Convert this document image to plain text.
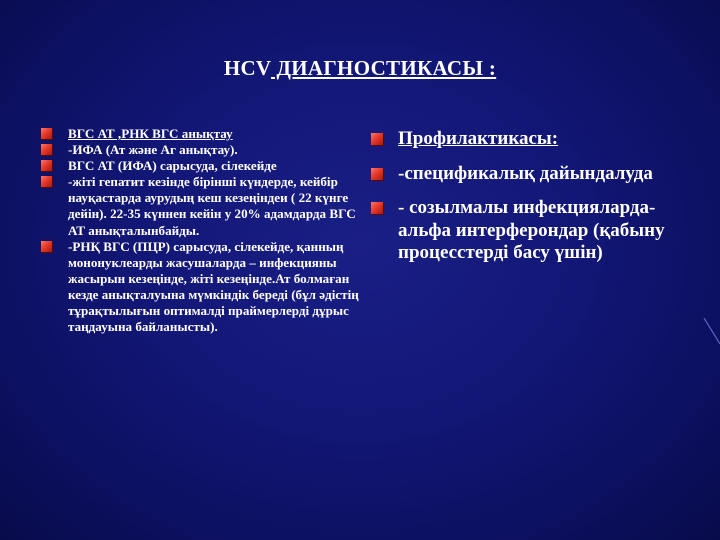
HCV ДИАГНОСТИКАСЫ :
ВГС АТ ,РНК ВГС анықтау
-ИФА (Ат және Аг анықтау).
ВГС АТ (ИФА) сарысуда, сілекейде
-жіті гепатит кезінде бірінші күндерде, кейбір науқастарда аурудың кеш кезеңіндеи ( 22 күнге дейін). 22-35 күннен кейін у 20% адамдарда ВГС АТ анықталынбайды.
-РНҚ ВГС (ПЦР) сарысуда, сілекейде, қанның мононуклеарды жасушаларда – инфекцияны жасырын кезеңінде, жіті кезеңінде.Ат болмаған кезде анықталуына мүмкіндік береді (бұл әдістің тұрақтылығын оптималді праймерлерді дұрыс таңдауына байланысты).
Профилактикасы:
-спецификалық дайындалуда
- созылмалы инфекцияларда- альфа интерферондар (қабыну процесстерді басу үшін)
